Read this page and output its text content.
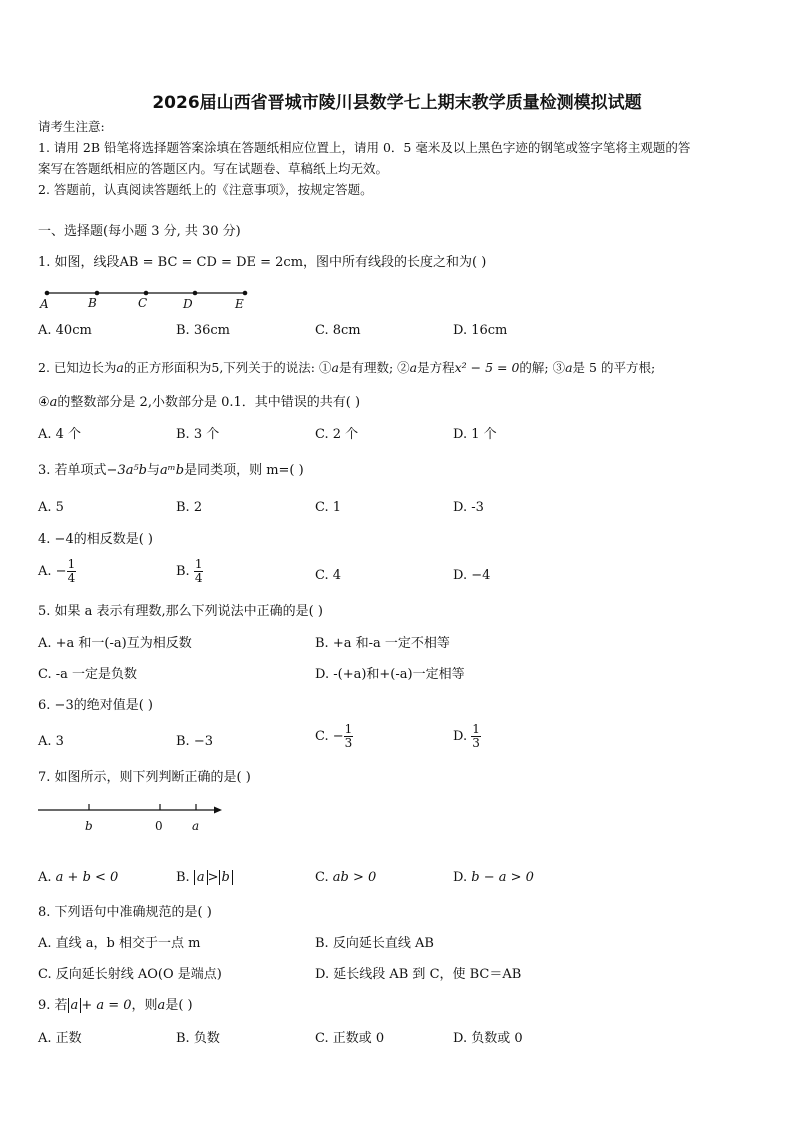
2026届山西省晋城市陵川县数学七上期末教学质量检测模拟试题
请考生注意:
1. 请用 2B 铅笔将选择题答案涂填在答题纸相应位置上，请用 0．5 毫米及以上黑色字迹的钢笔或签字笔将主观题的答
案写在答题纸相应的答题区内。写在试题卷、草稿纸上均无效。
2. 答题前，认真阅读答题纸上的《注意事项》，按规定答题。
一、选择题(每小题 3 分, 共 30 分)
1. 如图，线段AB = BC = CD = DE = 2cm，图中所有线段的长度之和为( )
A	B	C	D	E
A. 40cm	B. 36cm	C. 8cm	D. 16cm
2. 已知边长为a的正方形面积为5,下列关于的说法: ①a是有理数; ②a是方程x² − 5 = 0的解; ③a是 5 的平方根;
④a的整数部分是 2,小数部分是 0.1．其中错误的共有( )
A. 4 个	B. 3 个	C. 2 个	D. 1 个
3. 若单项式−3a⁵b与aᵐb是同类项，则 m=( )
A. 5	B. 2	C. 1	D. -3
4. −4的相反数是( )
A. − $\frac{1}{4}$	B. $\frac{1}{4}$	C. 4	D. −4
5. 如果 a 表示有理数,那么下列说法中正确的是( )
A. +a 和一(-a)互为相反数	B. +a 和-a 一定不相等
C. -a 一定是负数	D. -(+a)和+(-a)一定相等
6. −3的绝对值是( )
A. 3	B. −3	C. − $\frac{1}{3}$	D. $\frac{1}{3}$
7. 如图所示，则下列判断正确的是( )
b	0 a
A. a + b < 0	B. a > b	C. ab > 0	D. b − a > 0
8. 下列语句中准确规范的是( )
A. 直线 a，b 相交于一点 m	B. 反向延长直线 AB
C. 反向延长射线 AO(O 是端点)	D. 延长线段 AB 到 C，使 BC＝AB
9. 若 a + a = 0，则a是( )
A. 正数	B. 负数	C. 正数或 0	D. 负数或 0
